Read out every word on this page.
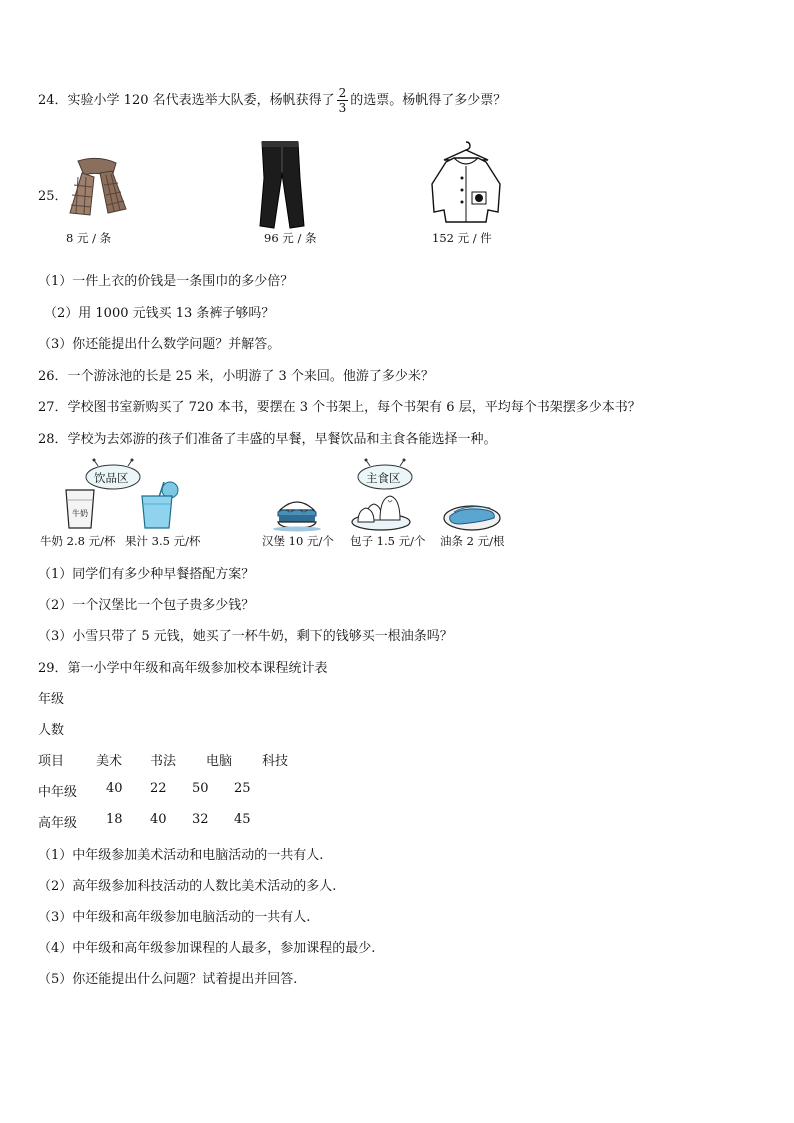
24．实验小学 120 名代表选举大队委，杨帆获得了 $\frac{2}{3}$ 的选票。杨帆得了多少票？
25．
8 元 / 条	96 元 / 条	152 元 / 件
（1）一件上衣的价钱是一条围巾的多少倍？
（2）用 1000 元钱买 13 条裤子够吗？
（3）你还能提出什么数学问题？并解答。
26．一个游泳池的长是 25 米，小明游了 3 个来回。他游了多少米？
27．学校图书室新购买了 720 本书，要摆在 3 个书架上，每个书架有 6 层，平均每个书架摆多少本书？
28．学校为去郊游的孩子们准备了丰盛的早餐，早餐饮品和主食各能选择一种。
饮品区	主食区
牛奶
牛奶 2.8 元/杯 果汁 3.5 元/杯	汉堡 10 元/个 包子 1.5 元/个 油条 2 元/根
（1）同学们有多少种早餐搭配方案？
（2）一个汉堡比一个包子贵多少钱？
（3）小雪只带了 5 元钱，她买了一杯牛奶，剩下的钱够买一根油条吗？
29．第一小学中年级和高年级参加校本课程统计表
年级
人数
项目 美术 书法 电脑 科技
中年级 40 22 50 25
高年级 18 40 32 45
（1）中年级参加美术活动和电脑活动的一共有人.
（2）高年级参加科技活动的人数比美术活动的多人.
（3）中年级和高年级参加电脑活动的一共有人.
（4）中年级和高年级参加课程的人最多，参加课程的最少.
（5）你还能提出什么问题？试着提出并回答.
